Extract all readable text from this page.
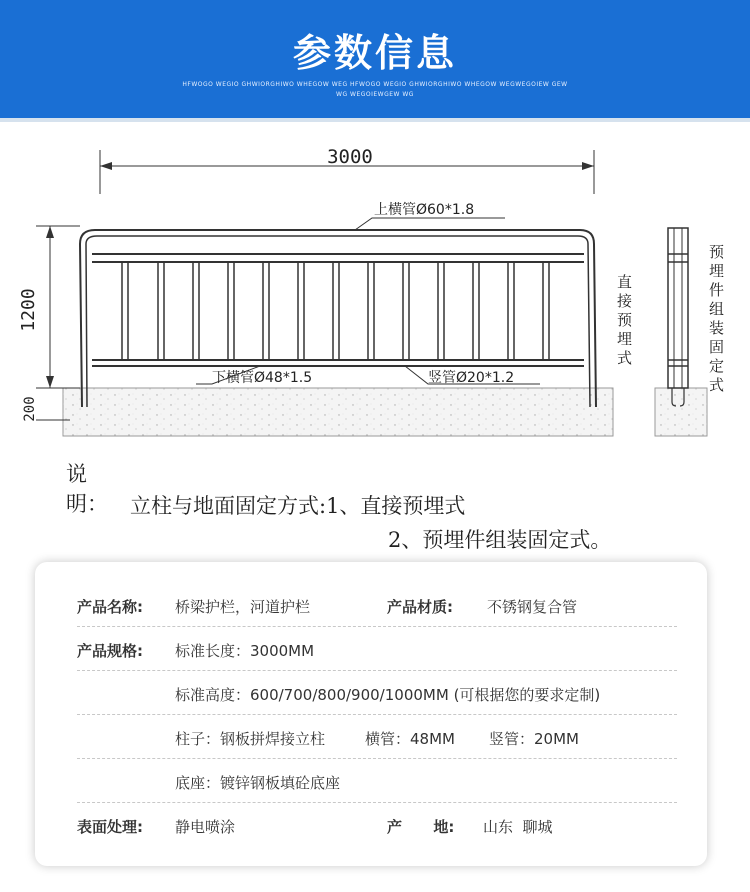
参数信息
HFWOGO WEGIO GHWIORGHIWO WHEGOW WEG HFWOGO WEGIO GHWIORGHIWO WHEGOW WEGWEGOIEW GEW WG WEGOIEWGEW WG
3000
1200
200
上横管Ø60*1.8
下横管Ø48*1.5	竖管Ø20*1.2
直接预埋式	预埋件组装固定式
说明： 立柱与地面固定方式:1、直接预埋式
2、预埋件组装固定式。
产品名称: 桥梁护栏，河道护栏	产品材质: 不锈钢复合管
产品规格: 标准长度：3000MM
标准高度：600/700/800/900/1000MM (可根据您的要求定制)
柱子：钢板拼焊接立柱	横管：48MM 竖管：20MM
底座：镀锌钢板填砼底座
表面处理: 静电喷涂	产      地: 山东  聊城
